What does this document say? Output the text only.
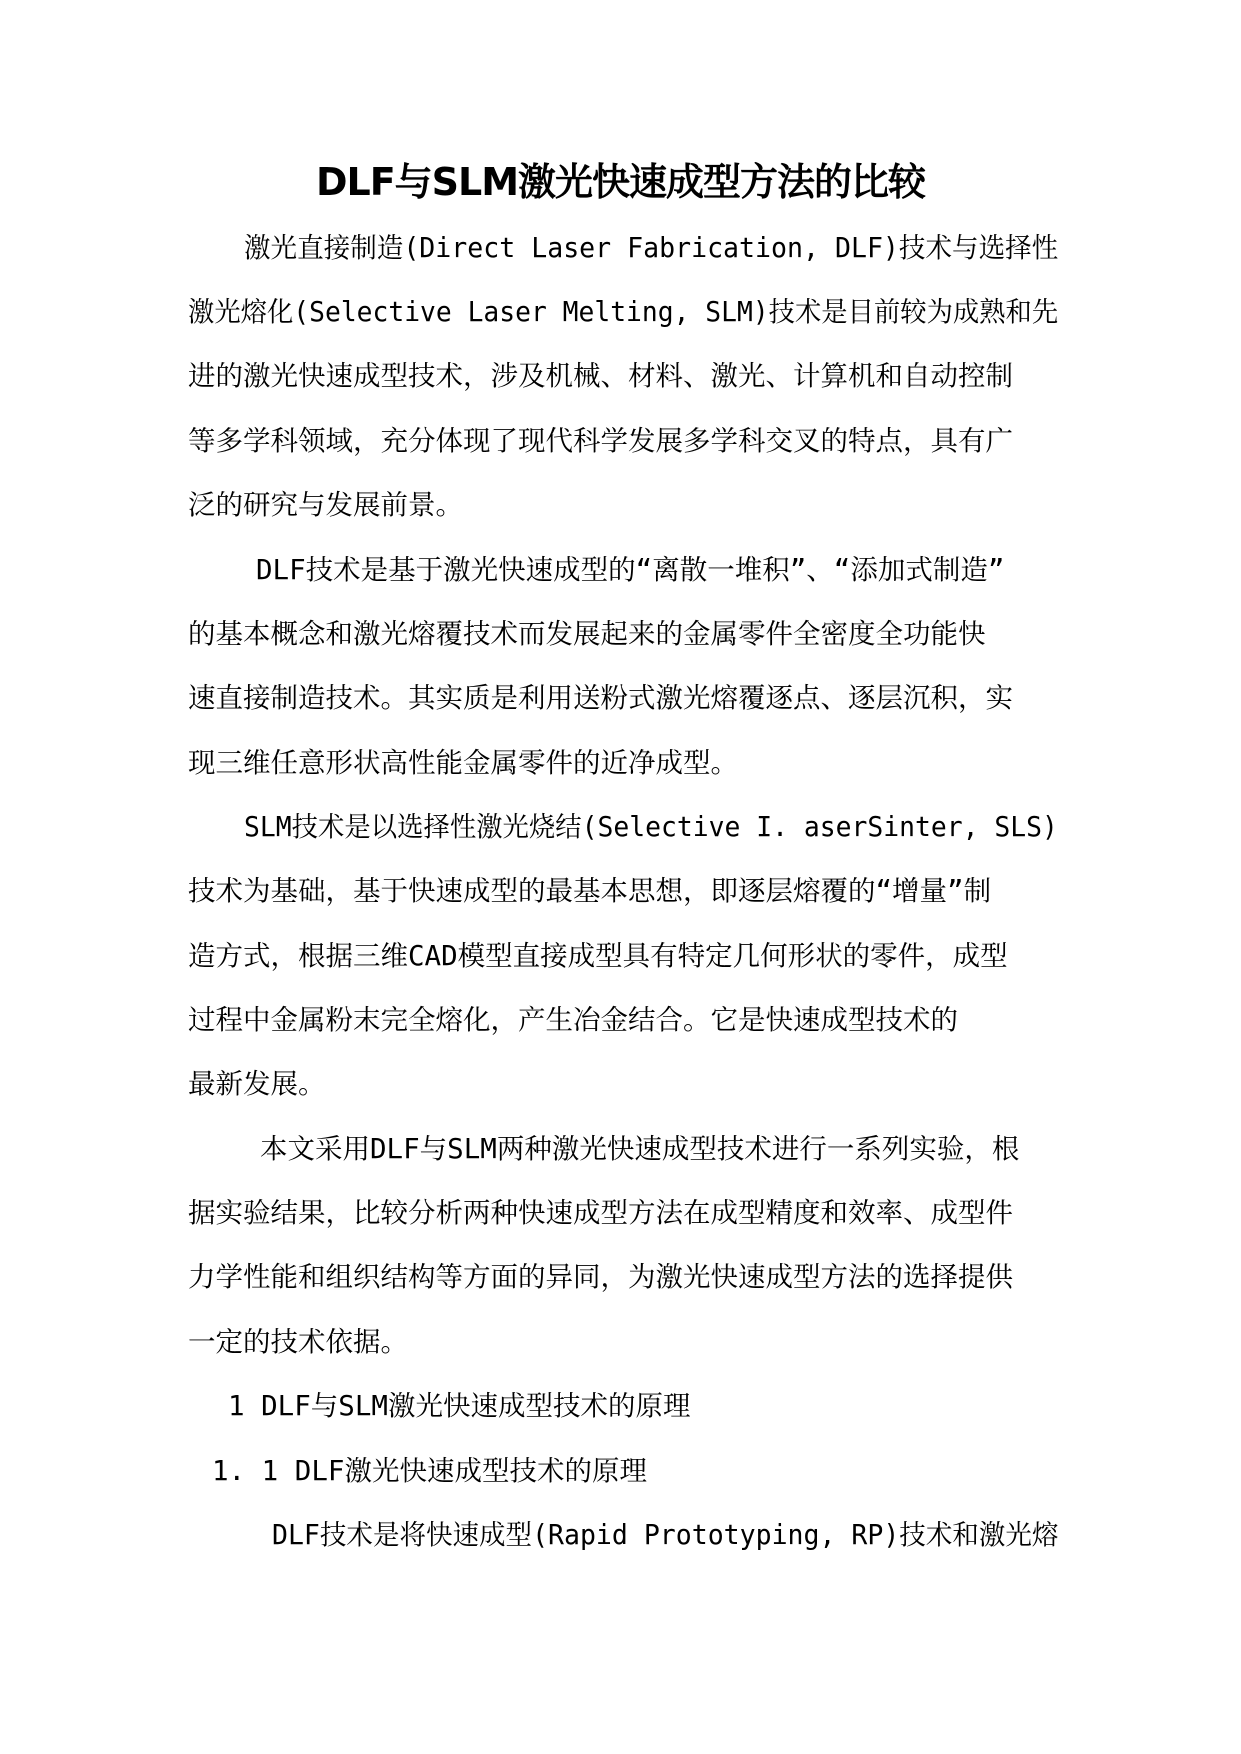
DLF与SLM激光快速成型方法的比较
激光直接制造(Direct Laser Fabrication, DLF)技术与选择性
激光熔化(Selective Laser Melting, SLM)技术是目前较为成熟和先
进的激光快速成型技术，涉及机械、材料、激光、计算机和自动控制
等多学科领域，充分体现了现代科学发展多学科交叉的特点，具有广
泛的研究与发展前景。
DLF技术是基于激光快速成型的“离散一堆积”、“添加式制造”
的基本概念和激光熔覆技术而发展起来的金属零件全密度全功能快
速直接制造技术。其实质是利用送粉式激光熔覆逐点、逐层沉积，实
现三维任意形状高性能金属零件的近净成型。
SLM技术是以选择性激光烧结(Selective I. aserSinter, SLS)
技术为基础，基于快速成型的最基本思想，即逐层熔覆的“增量”制
造方式，根据三维CAD模型直接成型具有特定几何形状的零件，成型
过程中金属粉末完全熔化，产生冶金结合。它是快速成型技术的
最新发展。
本文采用DLF与SLM两种激光快速成型技术进行一系列实验，根
据实验结果，比较分析两种快速成型方法在成型精度和效率、成型件
力学性能和组织结构等方面的异同，为激光快速成型方法的选择提供
一定的技术依据。
1 DLF与SLM激光快速成型技术的原理
1. 1 DLF激光快速成型技术的原理
DLF技术是将快速成型(Rapid Prototyping, RP)技术和激光熔
